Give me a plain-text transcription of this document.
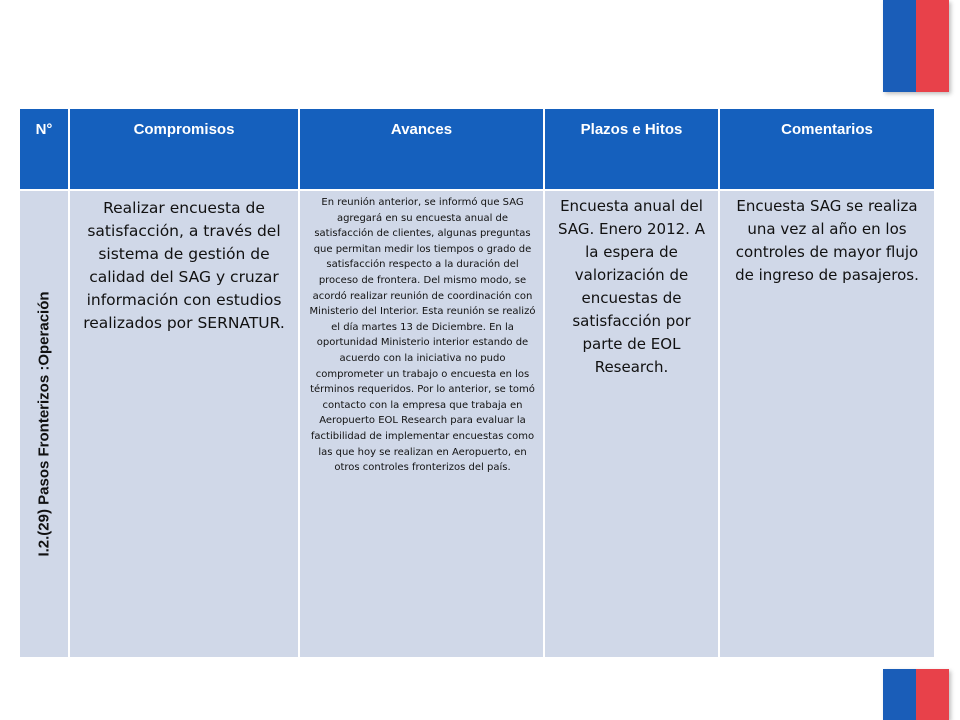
N°	Compromisos	Avances	Plazos e Hitos	Comentarios

I.2.(29) Pasos Fronterizos :Operación	Realizar encuesta de satisfacción, a través del sistema de gestión de calidad del SAG y cruzar información con estudios realizados por SERNATUR.	En reunión anterior, se informó que SAG agregará en su encuesta anual de satisfacción de clientes, algunas preguntas que permitan medir los tiempos o grado de satisfacción respecto a la duración del proceso de frontera. Del mismo modo, se acordó realizar reunión de coordinación con Ministerio del Interior. Esta reunión se realizó el día martes 13 de Diciembre. En la oportunidad Ministerio interior estando de acuerdo con la iniciativa no pudo comprometer un trabajo o encuesta en los términos requeridos. Por lo anterior, se tomó contacto con la empresa que trabaja en Aeropuerto EOL Research para evaluar la factibilidad de implementar encuestas como las que hoy se realizan en Aeropuerto, en otros controles fronterizos del país.	Encuesta anual del SAG. Enero 2012. A la espera de valorización de encuestas de satisfacción por parte de EOL Research.	Encuesta SAG se realiza una vez al año en los controles de mayor flujo de ingreso de pasajeros.
